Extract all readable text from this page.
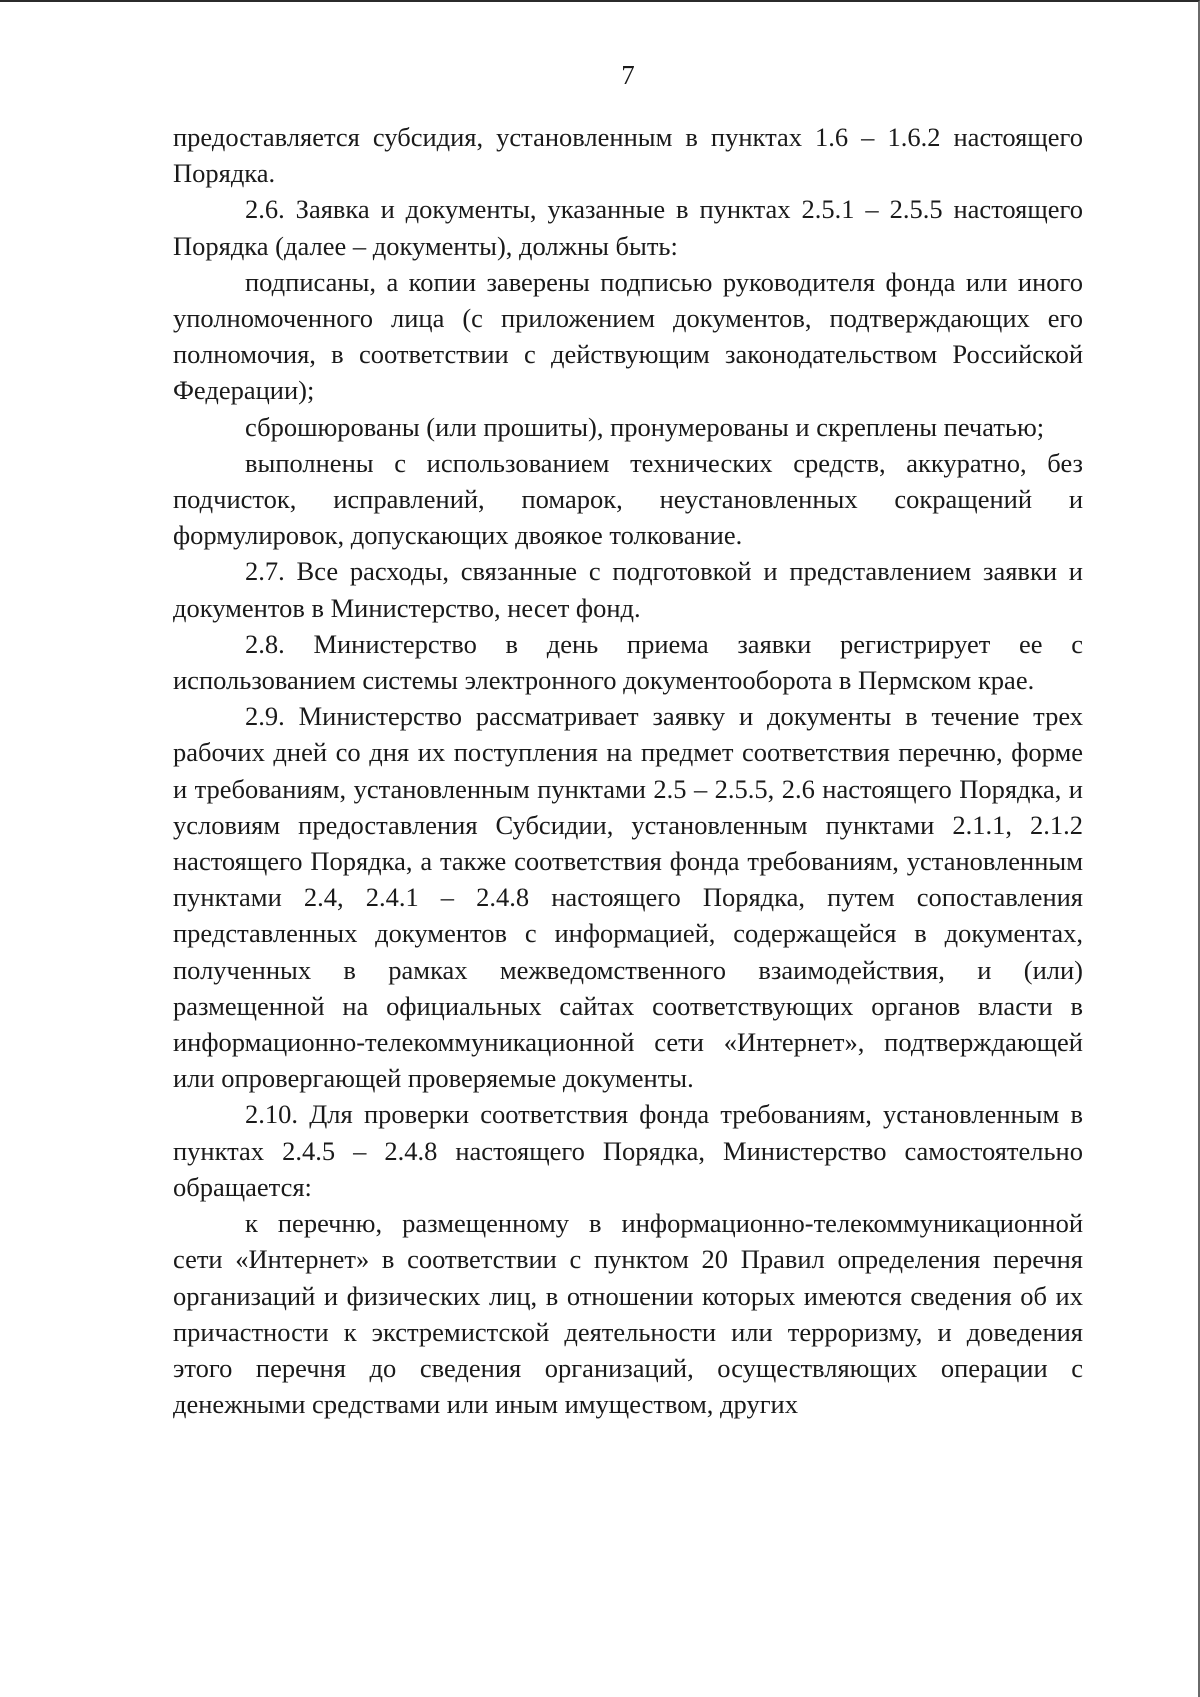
7

предоставляется субсидия, установленным в пунктах 1.6 – 1.6.2 настоящего Порядка.

2.6. Заявка и документы, указанные в пунктах 2.5.1 – 2.5.5 настоящего Порядка (далее – документы), должны быть:

подписаны, а копии заверены подписью руководителя фонда или иного уполномоченного лица (с приложением документов, подтверждающих его полномочия, в соответствии с действующим законодательством Российской Федерации);

сброшюрованы (или прошиты), пронумерованы и скреплены печатью;

выполнены с использованием технических средств, аккуратно, без подчисток, исправлений, помарок, неустановленных сокращений и формулировок, допускающих двоякое толкование.

2.7. Все расходы, связанные с подготовкой и представлением заявки и документов в Министерство, несет фонд.

2.8. Министерство в день приема заявки регистрирует ее с использованием системы электронного документооборота в Пермском крае.

2.9. Министерство рассматривает заявку и документы в течение трех рабочих дней со дня их поступления на предмет соответствия перечню, форме и требованиям, установленным пунктами 2.5 – 2.5.5, 2.6 настоящего Порядка, и условиям предоставления Субсидии, установленным пунктами 2.1.1, 2.1.2 настоящего Порядка, а также соответствия фонда требованиям, установленным пунктами 2.4, 2.4.1 – 2.4.8 настоящего Порядка, путем сопоставления представленных документов с информацией, содержащейся в документах, полученных в рамках межведомственного взаимодействия, и (или) размещенной на официальных сайтах соответствующих органов власти в информационно-телекоммуникационной сети «Интернет», подтверждающей или опровергающей проверяемые документы.

2.10. Для проверки соответствия фонда требованиям, установленным в пунктах 2.4.5 – 2.4.8 настоящего Порядка, Министерство самостоятельно обращается:

к перечню, размещенному в информационно-телекоммуникационной сети «Интернет» в соответствии с пунктом 20 Правил определения перечня организаций и физических лиц, в отношении которых имеются сведения об их причастности к экстремистской деятельности или терроризму, и доведения этого перечня до сведения организаций, осуществляющих операции с денежными средствами или иным имуществом, других
